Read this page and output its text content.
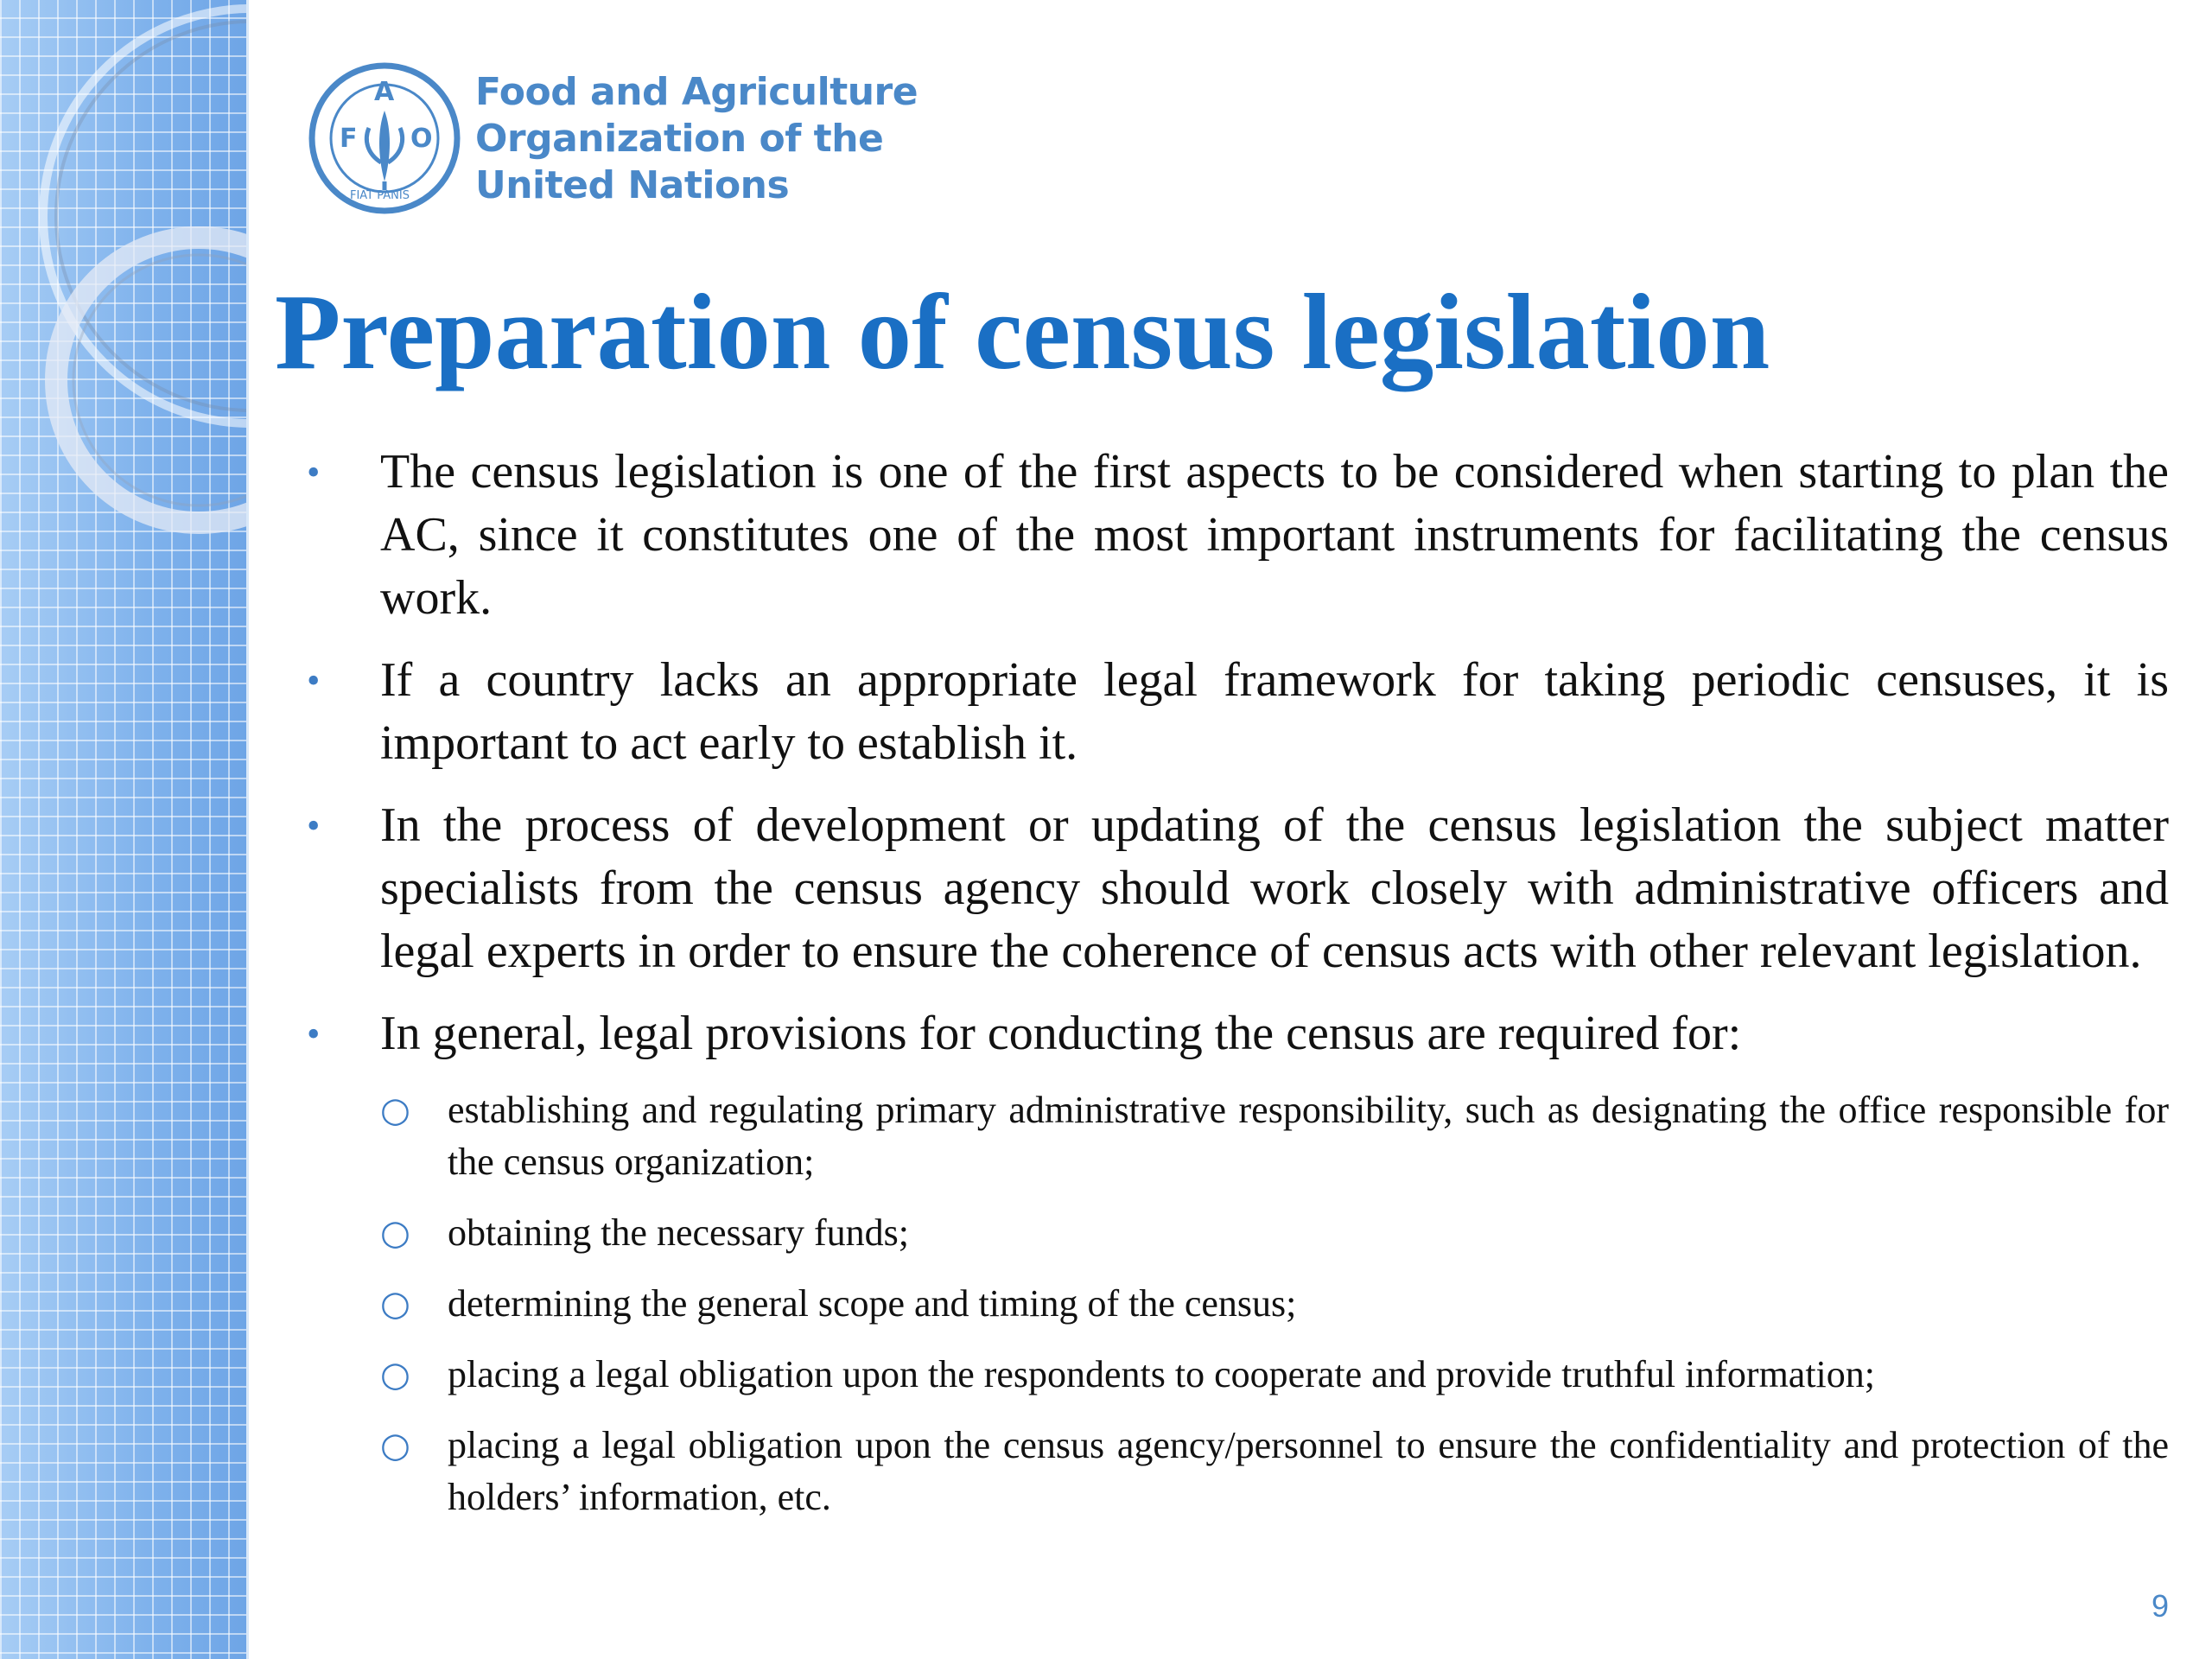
F
A
O
FIAT PANIS
Food and Agriculture
Organization of the
United Nations
Preparation of census legislation
• The census legislation is one of the first aspects to be considered when starting to plan the AC, since it constitutes one of the most important instruments for facilitating the census work.
• If a country lacks an appropriate legal framework for taking periodic censuses, it is important to act early to establish it.
• In the process of development or updating of the census legislation the subject matter specialists from the census agency should work closely with administrative officers and legal experts in order to ensure the coherence of census acts with other relevant legislation.
• In general, legal provisions for conducting the census are required for:
○ establishing and regulating primary administrative responsibility, such as designating the office responsible for the census organization;
○ obtaining the necessary funds;
○ determining the general scope and timing of the census;
○ placing a legal obligation upon the respondents to cooperate and provide truthful information;
○ placing a legal obligation upon the census agency/personnel to ensure the confidentiality and protection of the holders’ information, etc.
9
